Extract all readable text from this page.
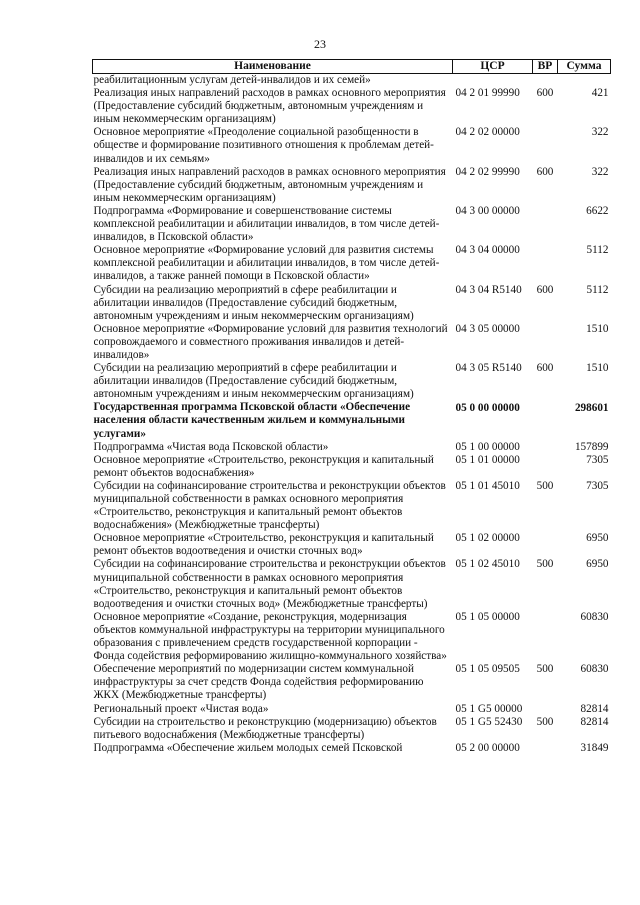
23
Наименование	ЦСР	ВР	Сумма
реабилитационным услугам детей-инвалидов и их семей»			
Реализация иных направлений расходов в рамках основного мероприятия (Предоставление субсидий бюджетным, автономным учреждениям и иным некоммерческим организациям)	04 2 01 99990	600	421
Основное мероприятие «Преодоление социальной разобщенности в обществе и формирование позитивного отношения к проблемам детей-инвалидов и их семьям»	04 2 02 00000		322
Реализация иных направлений расходов в рамках основного мероприятия (Предоставление субсидий бюджетным, автономным учреждениям и иным некоммерческим организациям)	04 2 02 99990	600	322
Подпрограмма «Формирование и совершенствование системы комплексной реабилитации и абилитации инвалидов, в том числе детей-инвалидов, в Псковской области»	04 3 00 00000		6622
Основное мероприятие «Формирование условий для развития системы комплексной реабилитации и абилитации инвалидов, в том числе детей-инвалидов, а также ранней помощи в Псковской области»	04 3 04 00000		5112
Субсидии на реализацию мероприятий в сфере реабилитации и абилитации инвалидов (Предоставление субсидий бюджетным, автономным учреждениям и иным некоммерческим организациям)	04 3 04 R5140	600	5112
Основное мероприятие «Формирование условий для развития технологий сопровождаемого и совместного проживания инвалидов и детей-инвалидов»	04 3 05 00000		1510
Субсидии на реализацию мероприятий в сфере реабилитации и абилитации инвалидов (Предоставление субсидий бюджетным, автономным учреждениям и иным некоммерческим организациям)	04 3 05 R5140	600	1510
Государственная программа Псковской области «Обеспечение населения области качественным жильем и коммунальными услугами»	05 0 00 00000		298601
Подпрограмма «Чистая вода Псковской области»	05 1 00 00000		157899
Основное мероприятие «Строительство, реконструкция и капитальный ремонт объектов водоснабжения»	05 1 01 00000		7305
Субсидии на софинансирование строительства и реконструкции объектов муниципальной собственности в рамках основного мероприятия «Строительство, реконструкция и капитальный ремонт объектов водоснабжения» (Межбюджетные трансферты)	05 1 01 45010	500	7305
Основное мероприятие «Строительство, реконструкция и капитальный ремонт объектов водоотведения и очистки сточных вод»	05 1 02 00000		6950
Субсидии на софинансирование строительства и реконструкции объектов муниципальной собственности в рамках основного мероприятия «Строительство, реконструкция и капитальный ремонт объектов водоотведения и очистки сточных вод» (Межбюджетные трансферты)	05 1 02 45010	500	6950
Основное мероприятие «Создание, реконструкция, модернизация объектов коммунальной инфраструктуры на территории муниципального образования с привлечением средств государственной корпорации - Фонда содействия реформированию жилищно-коммунального хозяйства»	05 1 05 00000		60830
Обеспечение мероприятий по модернизации систем коммунальной инфраструктуры за счет средств Фонда содействия реформированию ЖКХ (Межбюджетные трансферты)	05 1 05 09505	500	60830
Региональный проект «Чистая вода»	05 1 G5 00000		82814
Субсидии на строительство и реконструкцию (модернизацию) объектов питьевого водоснабжения (Межбюджетные трансферты)	05 1 G5 52430	500	82814
Подпрограмма «Обеспечение жильем молодых семей Псковской	05 2 00 00000		31849
